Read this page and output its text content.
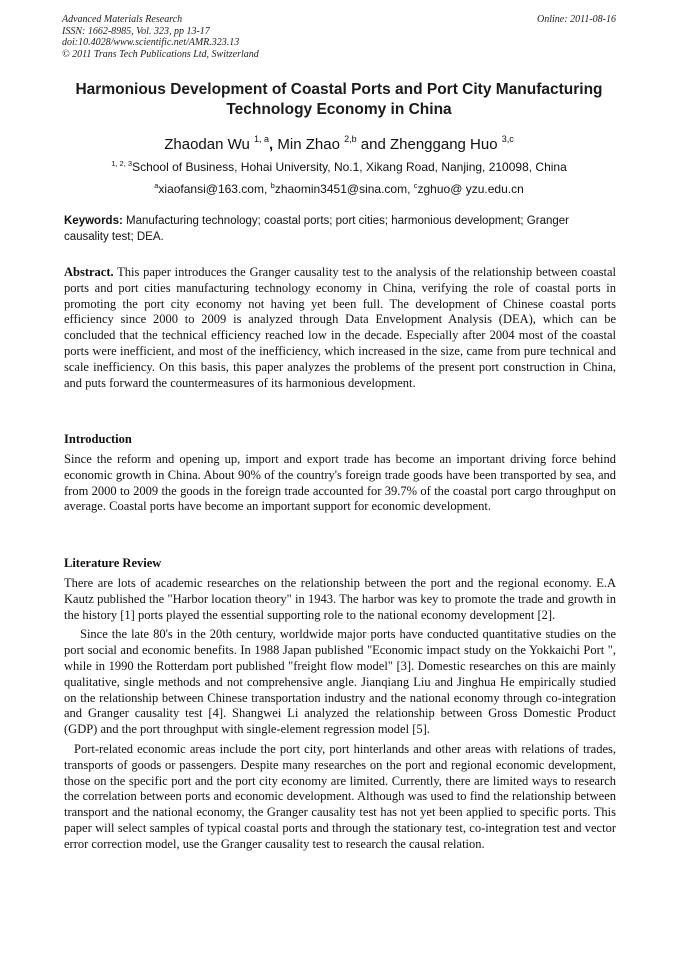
Advanced Materials Research
ISSN: 1662-8985, Vol. 323, pp 13-17
doi:10.4028/www.scientific.net/AMR.323.13
© 2011 Trans Tech Publications Ltd, Switzerland
Online: 2011-08-16
Harmonious Development of Coastal Ports and Port City Manufacturing
Technology Economy in China
Zhaodan Wu $^{1, a}$, Min Zhao $^{2,b}$ and Zhenggang Huo $^{3,c}$
$^{1, 2, 3}$School of Business, Hohai University, No.1, Xikang Road, Nanjing, 210098, China
$^a$xiaofansi@163.com, $^b$zhaomin3451@sina.com, $^c$zghuo@ yzu.edu.cn
Keywords: Manufacturing technology; coastal ports; port cities; harmonious development; Granger causality test; DEA.
Abstract. This paper introduces the Granger causality test to the analysis of the relationship between coastal ports and port cities manufacturing technology economy in China, verifying the role of coastal ports in promoting the port city economy not having yet been full. The development of Chinese coastal ports efficiency since 2000 to 2009 is analyzed through Data Envelopment Analysis (DEA), which can be concluded that the technical efficiency reached low in the decade. Especially after 2004 most of the coastal ports were inefficient, and most of the inefficiency, which increased in the size, came from pure technical and scale inefficiency. On this basis, this paper analyzes the problems of the present port construction in China, and puts forward the countermeasures of its harmonious development.
Introduction

Since the reform and opening up, import and export trade has become an important driving force behind economic growth in China. About 90% of the country's foreign trade goods have been transported by sea, and from 2000 to 2009 the goods in the foreign trade accounted for 39.7% of the coastal port cargo throughput on average. Coastal ports have become an important support for economic development.

Literature Review

There are lots of academic researches on the relationship between the port and the regional economy. E.A Kautz published the "Harbor location theory" in 1943. The harbor was key to promote the trade and growth in the history [1] ports played the essential supporting role to the national economy development [2].

Since the late 80's in the 20th century, worldwide major ports have conducted quantitative studies on the port social and economic benefits. In 1988 Japan published "Economic impact study on the Yokkaichi Port ", while in 1990 the Rotterdam port published "freight flow model" [3]. Domestic researches on this are mainly qualitative, single methods and not comprehensive angle. Jianqiang Liu and Jinghua He empirically studied on the relationship between Chinese transportation industry and the national economy through co-integration and Granger causality test [4]. Shangwei Li analyzed the relationship between Gross Domestic Product (GDP) and the port throughput with single-element regression model [5].

Port-related economic areas include the port city, port hinterlands and other areas with relations of trades, transports of goods or passengers. Despite many researches on the port and regional economic development, those on the specific port and the port city economy are limited. Currently, there are limited ways to research the correlation between ports and economic development. Although was used to find the relationship between transport and the national economy, the Granger causality test has not yet been applied to specific ports. This paper will select samples of typical coastal ports and through the stationary test, co-integration test and vector error correction model, use the Granger causality test to research the causal relation.
